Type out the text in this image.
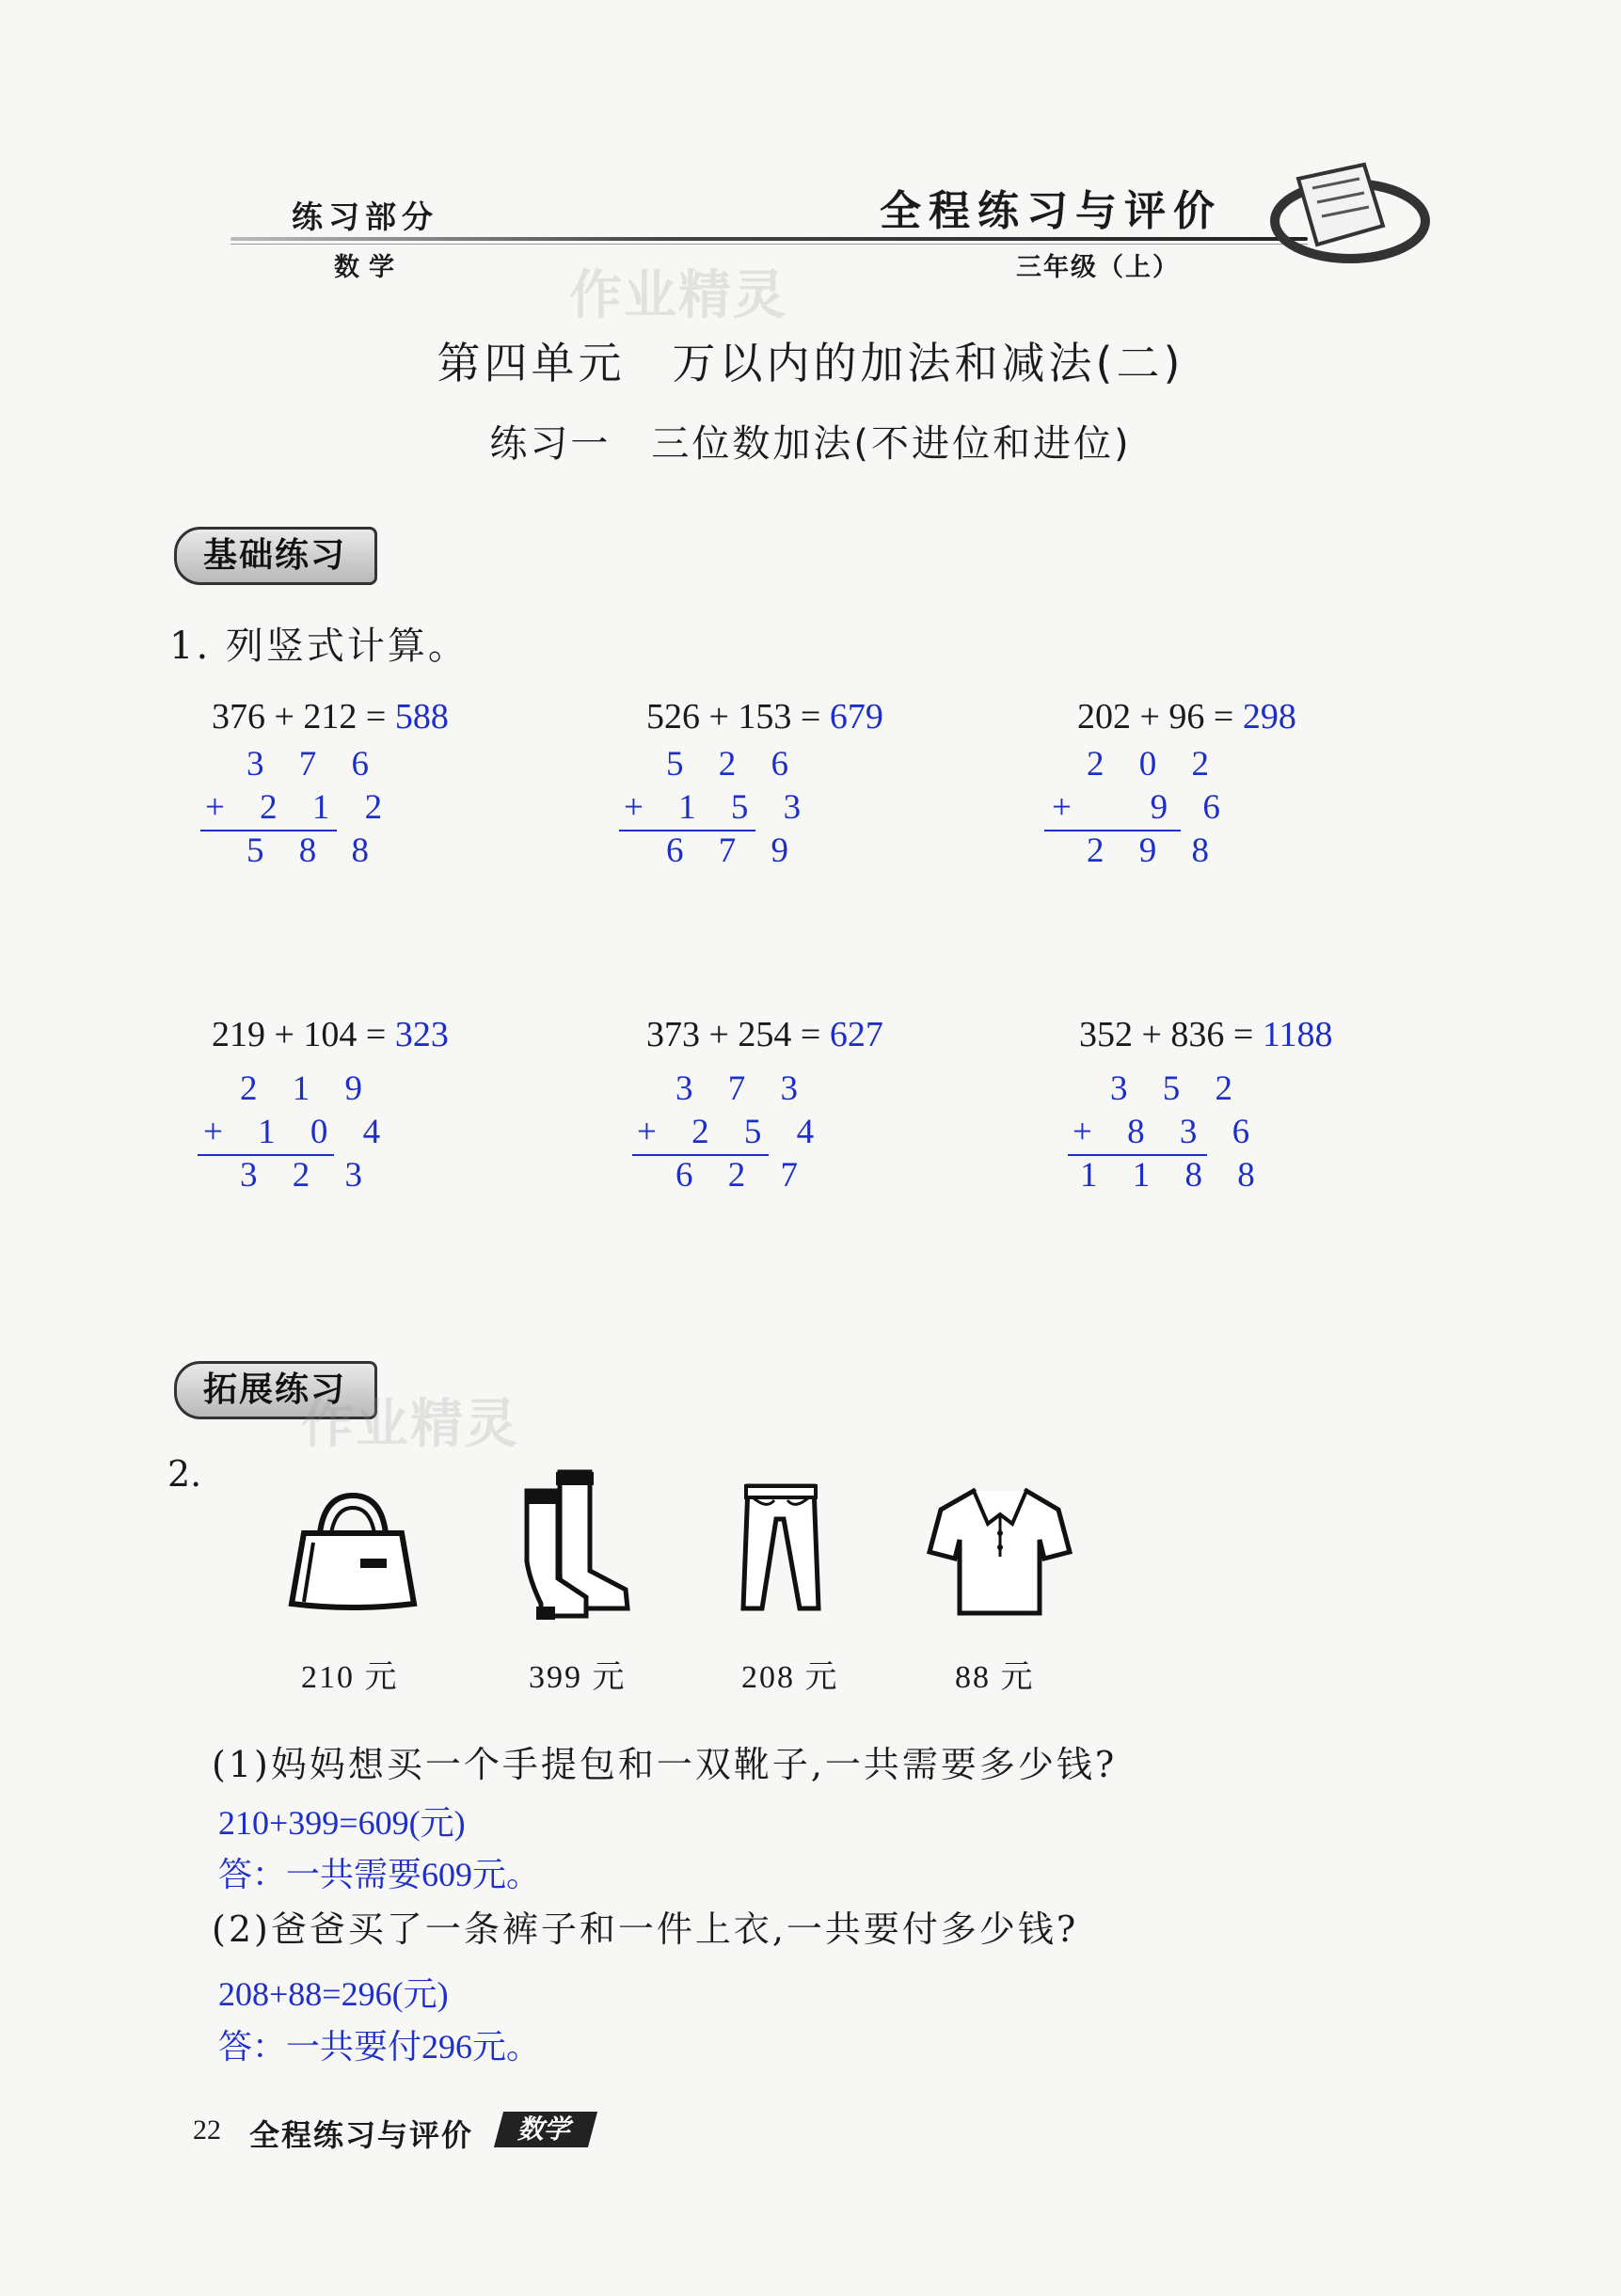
练习部分
数学
全程练习与评价
三年级（上）
作业精灵
第四单元　万以内的加法和减法(二)
练习一　三位数加法(不进位和进位)
基础练习
1. 列竖式计算。
376 + 212 = 588
3 7 6
+ 2 1 2
5 8 8
526 + 153 = 679
5 2 6
+ 1 5 3
6 7 9
202 + 96 = 298
2 0 2
+   9 6
2 9 8
219 + 104 = 323
2 1 9
+ 1 0 4
3 2 3
373 + 254 = 627
3 7 3
+ 2 5 4
6 2 7
352 + 836 = 1188
3 5 2
+ 8 3 6
1 1 8 8
拓展练习
作业精灵
2.
210 元	399 元	208 元	88 元
(1)妈妈想买一个手提包和一双靴子,一共需要多少钱?
210+399=609(元)
答：一共需要609元。
(2)爸爸买了一条裤子和一件上衣,一共要付多少钱?
208+88=296(元)
答：一共要付296元。
22 全程练习与评价	数学
